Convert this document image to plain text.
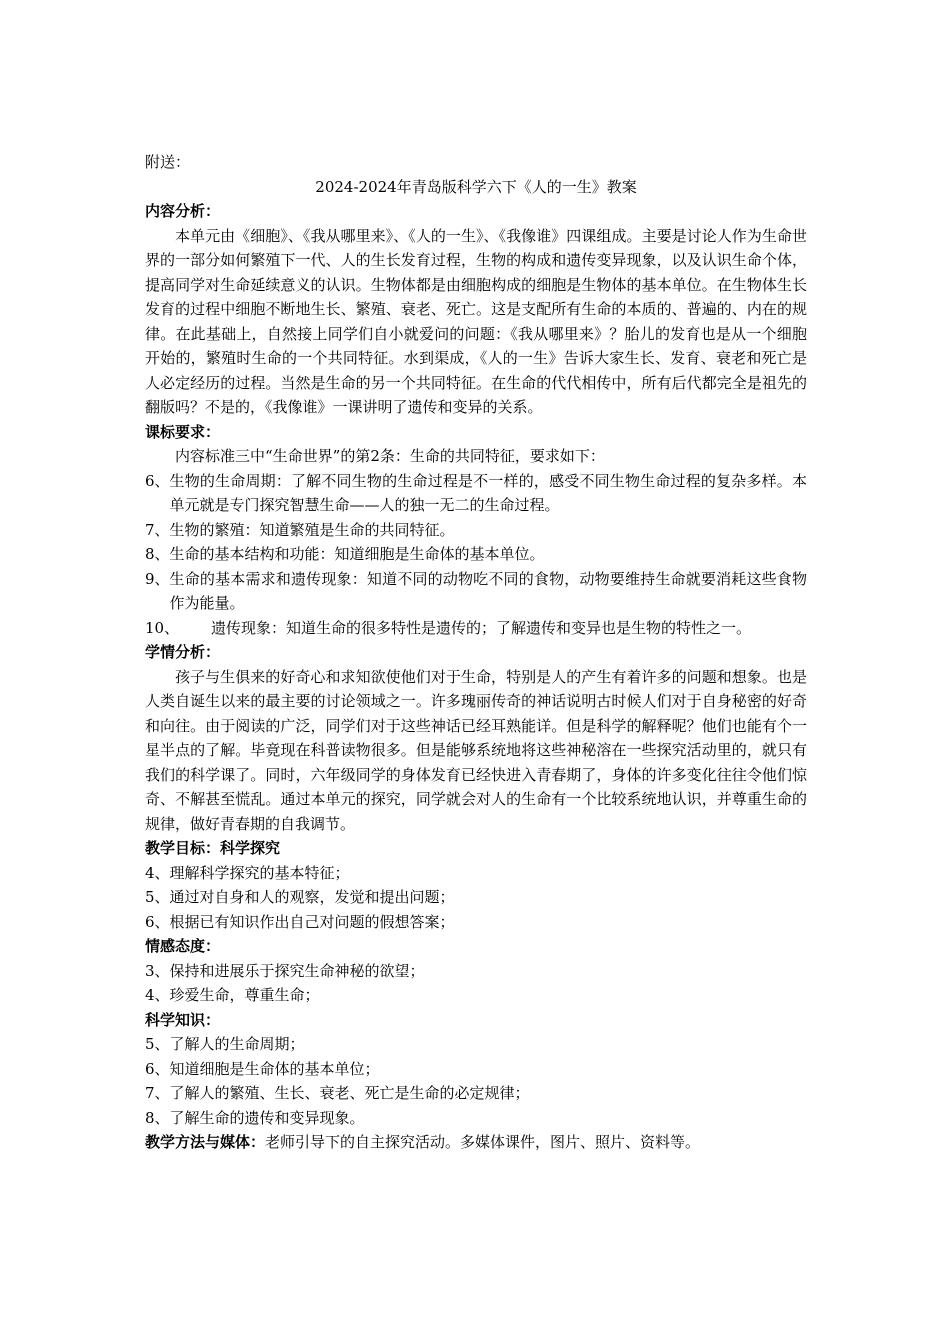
附送：
2024-2024年青岛版科学六下《人的一生》教案
内容分析：
本单元由《细胞》、《我从哪里来》、《人的一生》、《我像谁》四课组成。主要是讨论人作为生命世界的一部分如何繁殖下一代、人的生长发育过程，生物的构成和遗传变异现象，以及认识生命个体，提高同学对生命延续意义的认识。生物体都是由细胞构成的细胞是生物体的基本单位。在生物体生长发育的过程中细胞不断地生长、繁殖、衰老、死亡。这是支配所有生命的本质的、普遍的、内在的规律。在此基础上，自然接上同学们自小就爱问的问题：《我从哪里来》？胎儿的发育也是从一个细胞开始的，繁殖时生命的一个共同特征。水到渠成，《人的一生》告诉大家生长、发育、衰老和死亡是人必定经历的过程。当然是生命的另一个共同特征。在生命的代代相传中，所有后代都完全是祖先的翻版吗？不是的，《我像谁》一课讲明了遗传和变异的关系。
课标要求：
内容标准三中“生命世界”的第2条：生命的共同特征，要求如下：
6、 生物的生命周期：了解不同生物的生命过程是不一样的，感受不同生物生命过程的复杂多样。本单元就是专门探究智慧生命——人的独一无二的生命过程。
7、 生物的繁殖：知道繁殖是生命的共同特征。
8、 生命的基本结构和功能：知道细胞是生命体的基本单位。
9、 生命的基本需求和遗传现象：知道不同的动物吃不同的食物，动物要维持生命就要消耗这些食物作为能量。
10、	遗传现象：知道生命的很多特性是遗传的；了解遗传和变异也是生物的特性之一。
学情分析：
孩子与生俱来的好奇心和求知欲使他们对于生命，特别是人的产生有着许多的问题和想象。也是人类自诞生以来的最主要的讨论领域之一。许多瑰丽传奇的神话说明古时候人们对于自身秘密的好奇和向往。由于阅读的广泛，同学们对于这些神话已经耳熟能详。但是科学的解释呢？他们也能有个一星半点的了解。毕竟现在科普读物很多。但是能够系统地将这些神秘溶在一些探究活动里的，就只有我们的科学课了。同时，六年级同学的身体发育已经快进入青春期了，身体的许多变化往往令他们惊奇、不解甚至慌乱。通过本单元的探究，同学就会对人的生命有一个比较系统地认识，并尊重生命的规律，做好青春期的自我调节。
教学目标：科学探究
4、 理解科学探究的基本特征；
5、 通过对自身和人的观察，发觉和提出问题；
6、 根据已有知识作出自己对问题的假想答案；
情感态度：
3、 保持和进展乐于探究生命神秘的欲望；
4、 珍爱生命，尊重生命；
科学知识：
5、 了解人的生命周期；
6、 知道细胞是生命体的基本单位；
7、 了解人的繁殖、生长、衰老、死亡是生命的必定规律；
8、 了解生命的遗传和变异现象。
教学方法与媒体：老师引导下的自主探究活动。多媒体课件，图片、照片、资料等。
